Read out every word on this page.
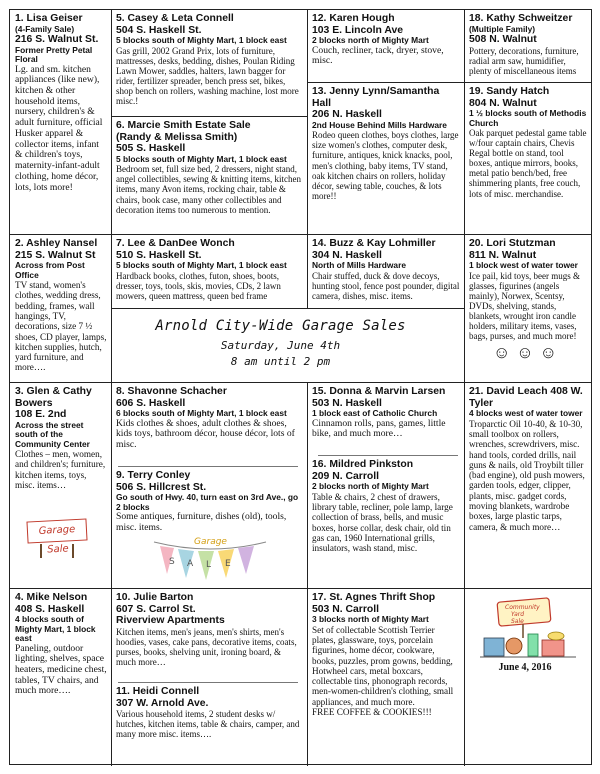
1. Lisa Geiser
(4-Family Sale)
216 S. Walnut St.
Former Pretty Petal Floral
Lg. and sm. kitchen appliances (like new), kitchen & other household items, nursery, children's & adult furniture, official Husker apparel & collector items, infant & children's toys, maternity-infant-adult clothing, home décor, lots, lots more!
5. Casey & Leta Connell
504 S. Haskell St.
5 blocks south of Mighty Mart, 1 block east
Gas grill, 2002 Grand Prix, lots of furniture, mattresses, desks, bedding, dishes, Poulan Riding Lawn Mower, saddles, halters, lawn bagger for rider, fertilizer spreader, bench press set, bikes, shop bench on rollers, washing machine, lost more misc.!
6. Marcie Smith Estate Sale
(Randy & Melissa Smith)
505 S. Haskell
5 blocks south of Mighty Mart, 1 block east
Bedroom set, full size bed, 2 dressers, night stand, angel collectibles, sewing & knitting items, kitchen items, many Avon items, rocking chair, table & chairs, book case, many other collectibles and decoration items too numerous to mention.
12. Karen Hough
103 E. Lincoln Ave
2 blocks north of Mighty Mart
Couch, recliner, tack, dryer, stove, misc.
13. Jenny Lynn/Samantha Hall
206 N. Haskell
2nd House Behind Mills Hardware
Rodeo queen clothes, boys clothes, large size women's clothes, computer desk, furniture, antiques, knick knacks, pool, men's clothing, baby items, TV stand, oak kitchen chairs on rollers, holiday décor, sewing table, couches, & lots more!!
18. Kathy Schweitzer
(Multiple Family)
508 N. Walnut
Pottery, decorations, furniture, radial arm saw, humidifier, plenty of miscellaneous items
19. Sandy Hatch
804 N. Walnut
1 ½ blocks south of Methodis Church
Oak parquet pedestal game table w/four captain chairs, Chevis Regal bottle on stand, tool boxes, antique mirrors, books, metal patio bench/bed, free shimmering plants, free couch, lots of misc. merchandise.
2. Ashley Nansel
215 S. Walnut St
Across from Post Office
TV stand, women's clothes, wedding dress, bedding, frames, wall hangings, TV, decorations, size 7 ½ shoes, CD player, lamps, kitchen supplies, hutch, yard furniture, and more….
7. Lee & DanDee Wonch
510 S. Haskell St.
5 blocks south of Mighty Mart, 1 block east
Hardback books, clothes, futon, shoes, boots, dresser, toys, tools, skis, movies, CDs, 2 lawn mowers, queen mattress, queen bed frame
14. Buzz & Kay Lohmiller
304 N. Haskell
North of Mills Hardware
Chair stuffed, duck & dove decoys, hunting stool, fence post pounder, digital camera, dishes, misc. items.
20. Lori Stutzman
811 N. Walnut
1 block west of water tower
Ice pail, kid toys, beer mugs & glasses, figurines (angels mainly), Norwex, Scentsy, DVDs, shelving, stands, blankets, wrought iron candle holders, military items, vases, bags, purses, and much more!
☺☺☺
Arnold City-Wide Garage Sales
Saturday, June 4th
8 am until 2 pm
3. Glen & Cathy Bowers
108 E. 2nd
Across the street south of the Community Center
Clothes – men, women, and children's; furniture, kitchen items, toys, misc. items…
Garage Sale
8. Shavonne Schacher
606 S. Haskell
6 blocks south of Mighty Mart, 1 block east
Kids clothes & shoes, adult clothes & shoes, kids toys, bathroom décor, house décor, lots of misc.
9. Terry Conley
506 S. Hillcrest St.
Go south of Hwy. 40, turn east on 3rd Ave., go 2 blocks
Some antiques, furniture, dishes (old), tools, misc. items.
Garage
S A L E
15. Donna & Marvin Larsen
503 N. Haskell
1 block east of Catholic Church
Cinnamon rolls, pans, games, little bike, and much more…
16. Mildred Pinkston
209 N. Carroll
2 blocks north of Mighty Mart
Table & chairs, 2 chest of drawers, library table, recliner, pole lamp, large collection of brass, bells, and music boxes, horse collar, desk chair, old tin gas can, 1960 International grills, insulators, wash stand, misc.
21. David Leach 408 W. Tyler
4 blocks west of water tower
Troparctic Oil 10-40, & 10-30, small toolbox on rollers, wrenches, screwdrivers, misc. hand tools, corded drills, nail guns & nails, old Troybilt tiller (bad engine), old push mowers, garden tools, edger, clipper, plants, misc. gadget cords, moving blankets, wardrobe boxes, large plastic tarps, camera, & much more…
4. Mike Nelson
408 S. Haskell
4 blocks south of Mighty Mart, 1 block east
Paneling, outdoor lighting, shelves, space heaters, medicine chest, tables, TV chairs, and much more….
10. Julie Barton
607 S. Carrol St.
Riverview Apartments
Kitchen items, men's jeans, men's shirts, men's hoodies, vases, cake pans, decorative items, coats, purses, books, shelving unit, ironing board, & much more…
11. Heidi Connell
307 W. Arnold Ave.
Various household items, 2 student desks w/ hutches, kitchen items, table & chairs, camper, and many more misc. items….
17. St. Agnes Thrift Shop
503 N. Carroll
3 blocks north of Mighty Mart
Set of collectable Scottish Terrier plates, glassware, toys, porcelain figurines, home décor, cookware, books, puzzles, prom gowns, bedding, Hotwheel cars, metal boxcars, collectable tins, phonograph records, men-women-children's clothing, small appliances, and much more.
FREE COFFEE & COOKIES!!!
Community
Yard
Sale
June 4, 2016
